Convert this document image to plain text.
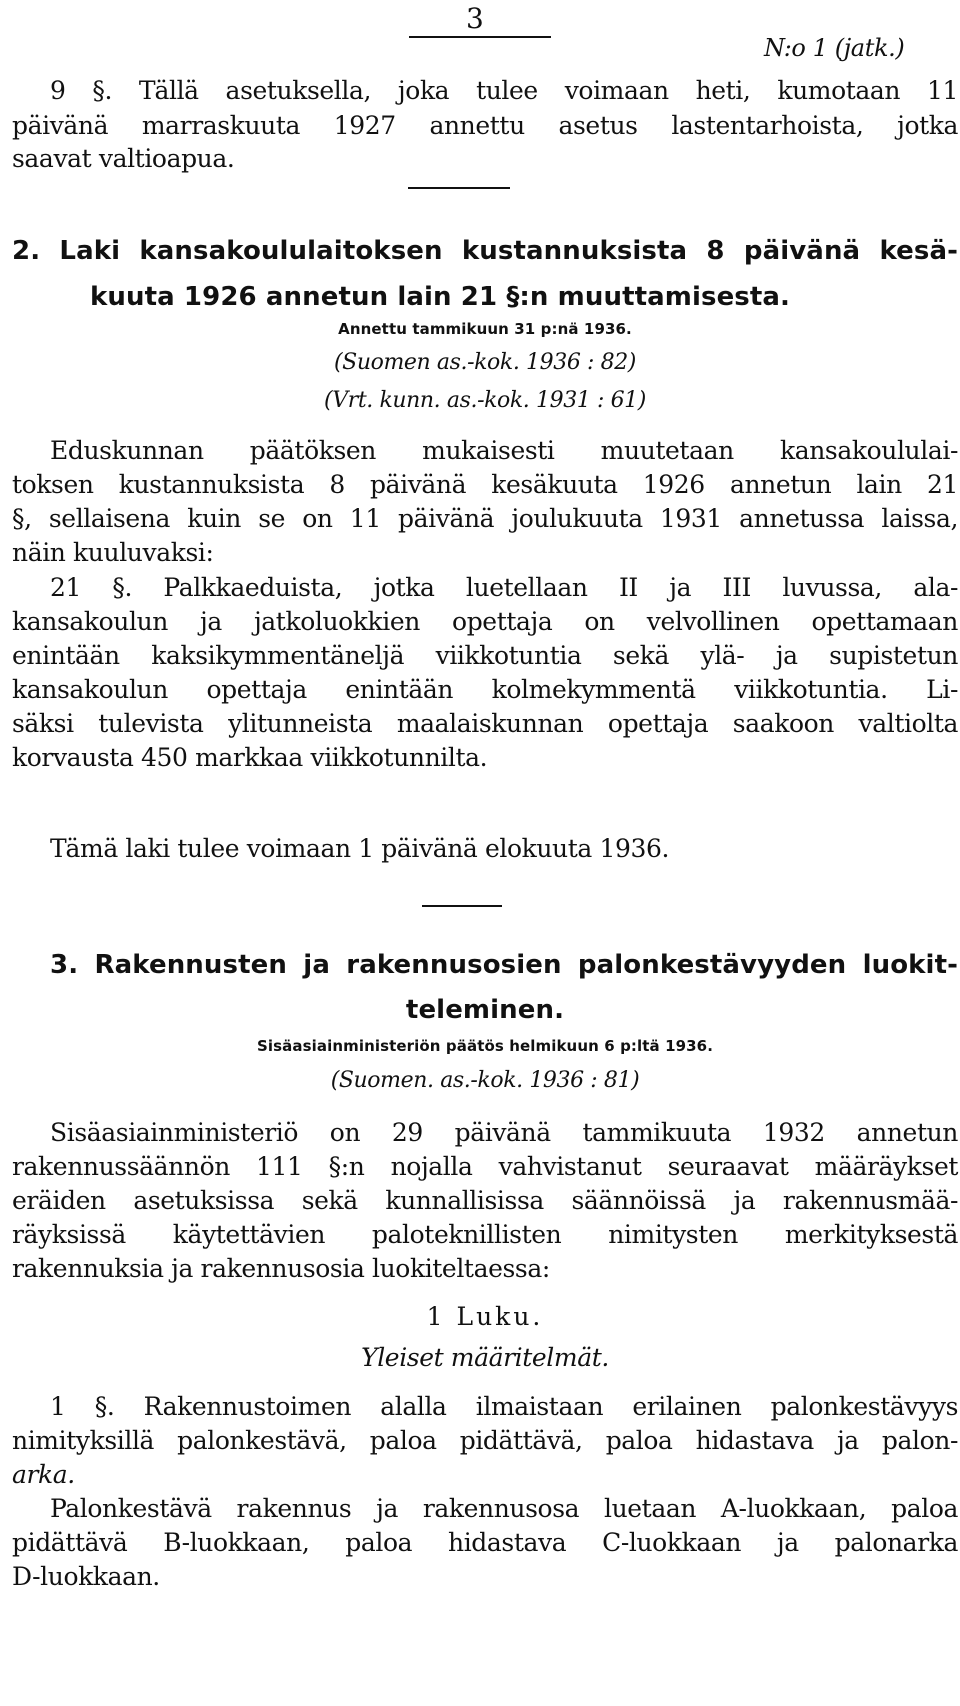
3
N:o 1 (jatk.)
9 §. Tällä asetuksella, joka tulee voimaan heti, kumotaan 11
päivänä marraskuuta 1927 annettu asetus lastentarhoista, jotka
saavat valtioapua.
2. Laki kansakoululaitoksen kustannuksista 8 päivänä kesä-
kuuta 1926 annetun lain 21 §:n muuttamisesta.
Annettu tammikuun 31 p:nä 1936.
(Suomen as.-kok. 1936 : 82)
(Vrt. kunn. as.-kok. 1931 : 61)
Eduskunnan päätöksen mukaisesti muutetaan kansakoululai-
toksen kustannuksista 8 päivänä kesäkuuta 1926 annetun lain 21
§, sellaisena kuin se on 11 päivänä joulukuuta 1931 annetussa laissa,
näin kuuluvaksi:
21 §. Palkkaeduista, jotka luetellaan II ja III luvussa, ala-
kansakoulun ja jatkoluokkien opettaja on velvollinen opettamaan
enintään kaksikymmentäneljä viikkotuntia sekä ylä- ja supistetun
kansakoulun opettaja enintään kolmekymmentä viikkotuntia. Li-
säksi tulevista ylitunneista maalaiskunnan opettaja saakoon valtiolta
korvausta 450 markkaa viikkotunnilta.
Tämä laki tulee voimaan 1 päivänä elokuuta 1936.
3. Rakennusten ja rakennusosien palonkestävyyden luokit-
teleminen.
Sisäasiainministeriön päätös helmikuun 6 p:ltä 1936.
(Suomen. as.-kok. 1936 : 81)
Sisäasiainministeriö on 29 päivänä tammikuuta 1932 annetun
rakennussäännön 111 §:n nojalla vahvistanut seuraavat määräykset
eräiden asetuksissa sekä kunnallisissa säännöissä ja rakennusmää-
räyksissä käytettävien paloteknillisten nimitysten merkityksestä
rakennuksia ja rakennusosia luokiteltaessa:
1 Luku.
Yleiset määritelmät.
1 §. Rakennustoimen alalla ilmaistaan erilainen palonkestävyys
nimityksillä palonkestävä, paloa pidättävä, paloa hidastava ja palon-
arka.
Palonkestävä rakennus ja rakennusosa luetaan A-luokkaan, paloa
pidättävä B-luokkaan, paloa hidastava C-luokkaan ja palonarka
D-luokkaan.
